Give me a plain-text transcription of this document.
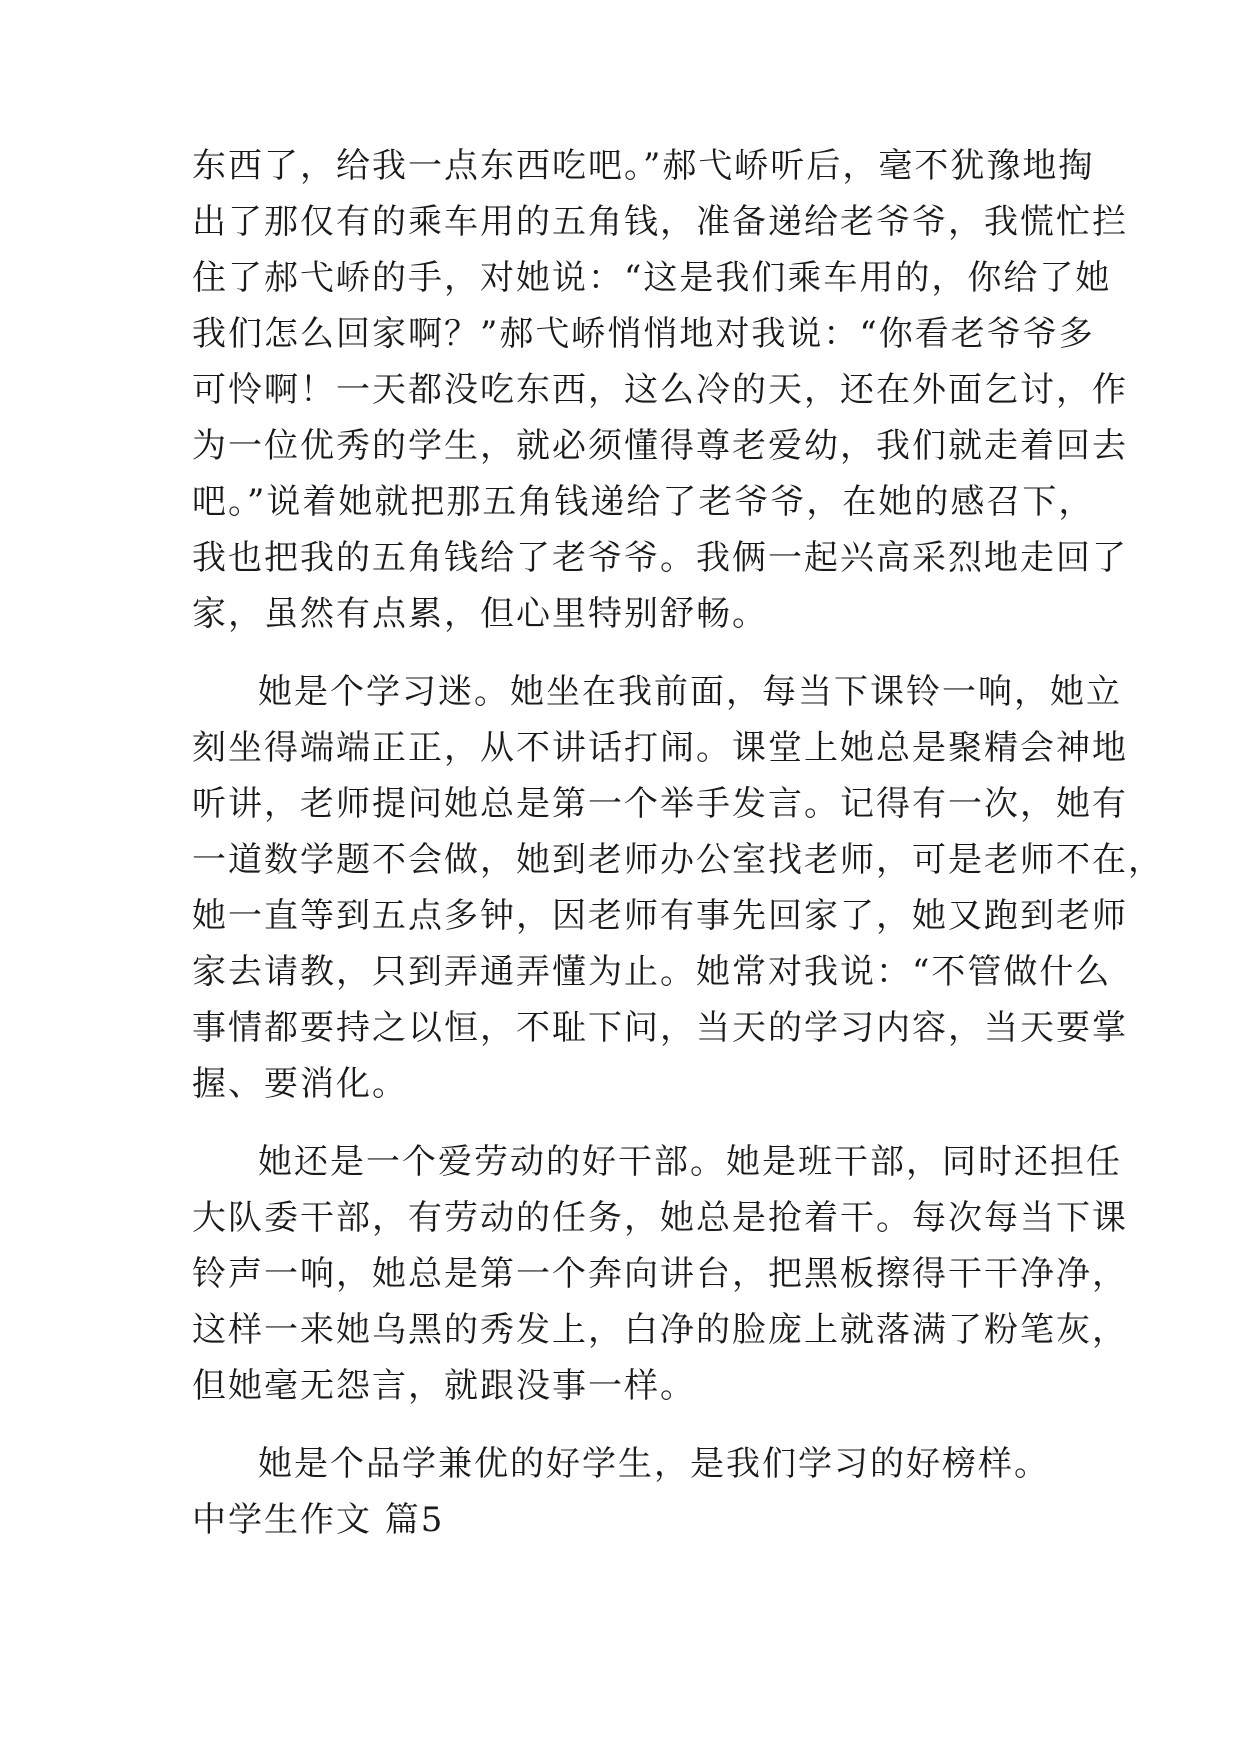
东西了，给我一点东西吃吧。”郝弋峤听后，毫不犹豫地掏
出了那仅有的乘车用的五角钱，准备递给老爷爷，我慌忙拦
住了郝弋峤的手，对她说：“这是我们乘车用的，你给了她
我们怎么回家啊？”郝弋峤悄悄地对我说：“你看老爷爷多
可怜啊！一天都没吃东西，这么冷的天，还在外面乞讨，作
为一位优秀的学生，就必须懂得尊老爱幼，我们就走着回去
吧。”说着她就把那五角钱递给了老爷爷，在她的感召下，
我也把我的五角钱给了老爷爷。我俩一起兴高采烈地走回了
家，虽然有点累，但心里特别舒畅。
她是个学习迷。她坐在我前面，每当下课铃一响，她立
刻坐得端端正正，从不讲话打闹。课堂上她总是聚精会神地
听讲，老师提问她总是第一个举手发言。记得有一次，她有
一道数学题不会做，她到老师办公室找老师，可是老师不在，
她一直等到五点多钟，因老师有事先回家了，她又跑到老师
家去请教，只到弄通弄懂为止。她常对我说：“不管做什么
事情都要持之以恒，不耻下问，当天的学习内容，当天要掌
握、要消化。
她还是一个爱劳动的好干部。她是班干部，同时还担任
大队委干部，有劳动的任务，她总是抢着干。每次每当下课
铃声一响，她总是第一个奔向讲台，把黑板擦得干干净净，
这样一来她乌黑的秀发上，白净的脸庞上就落满了粉笔灰，
但她毫无怨言，就跟没事一样。
她是个品学兼优的好学生，是我们学习的好榜样。
中学生作文 篇5
